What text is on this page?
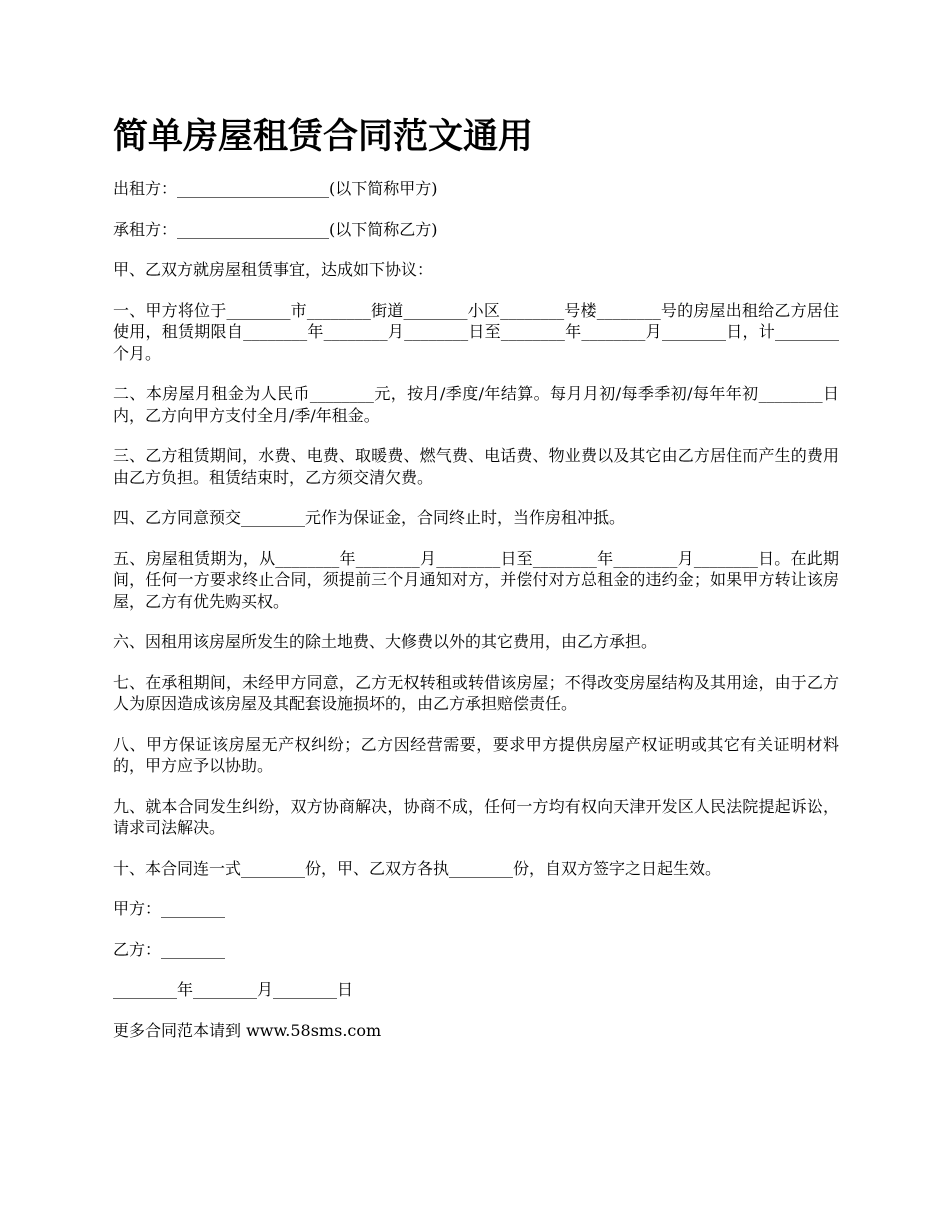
简单房屋租赁合同范文通用

出租方：___________________(以下简称甲方)

承租方：___________________(以下简称乙方)

甲、乙双方就房屋租赁事宜，达成如下协议：

一、甲方将位于________市________街道________小区________号楼________号的房屋出租给乙方居住使用，租赁期限自________年________月________日至________年________月________日，计________个月。

二、本房屋月租金为人民币________元，按月/季度/年结算。每月月初/每季季初/每年年初________日内，乙方向甲方支付全月/季/年租金。

三、乙方租赁期间，水费、电费、取暖费、燃气费、电话费、物业费以及其它由乙方居住而产生的费用由乙方负担。租赁结束时，乙方须交清欠费。

四、乙方同意预交________元作为保证金，合同终止时，当作房租冲抵。

五、房屋租赁期为，从________年________月________日至________年________月________日。在此期间，任何一方要求终止合同，须提前三个月通知对方，并偿付对方总租金的违约金；如果甲方转让该房屋，乙方有优先购买权。

六、因租用该房屋所发生的除土地费、大修费以外的其它费用，由乙方承担。

七、在承租期间，未经甲方同意，乙方无权转租或转借该房屋；不得改变房屋结构及其用途，由于乙方人为原因造成该房屋及其配套设施损坏的，由乙方承担赔偿责任。

八、甲方保证该房屋无产权纠纷；乙方因经营需要，要求甲方提供房屋产权证明或其它有关证明材料的，甲方应予以协助。

九、就本合同发生纠纷，双方协商解决，协商不成，任何一方均有权向天津开发区人民法院提起诉讼，请求司法解决。

十、本合同连一式________份，甲、乙双方各执________份，自双方签字之日起生效。

甲方：________

乙方：________

________年________月________日

更多合同范本请到 www.58sms.com
